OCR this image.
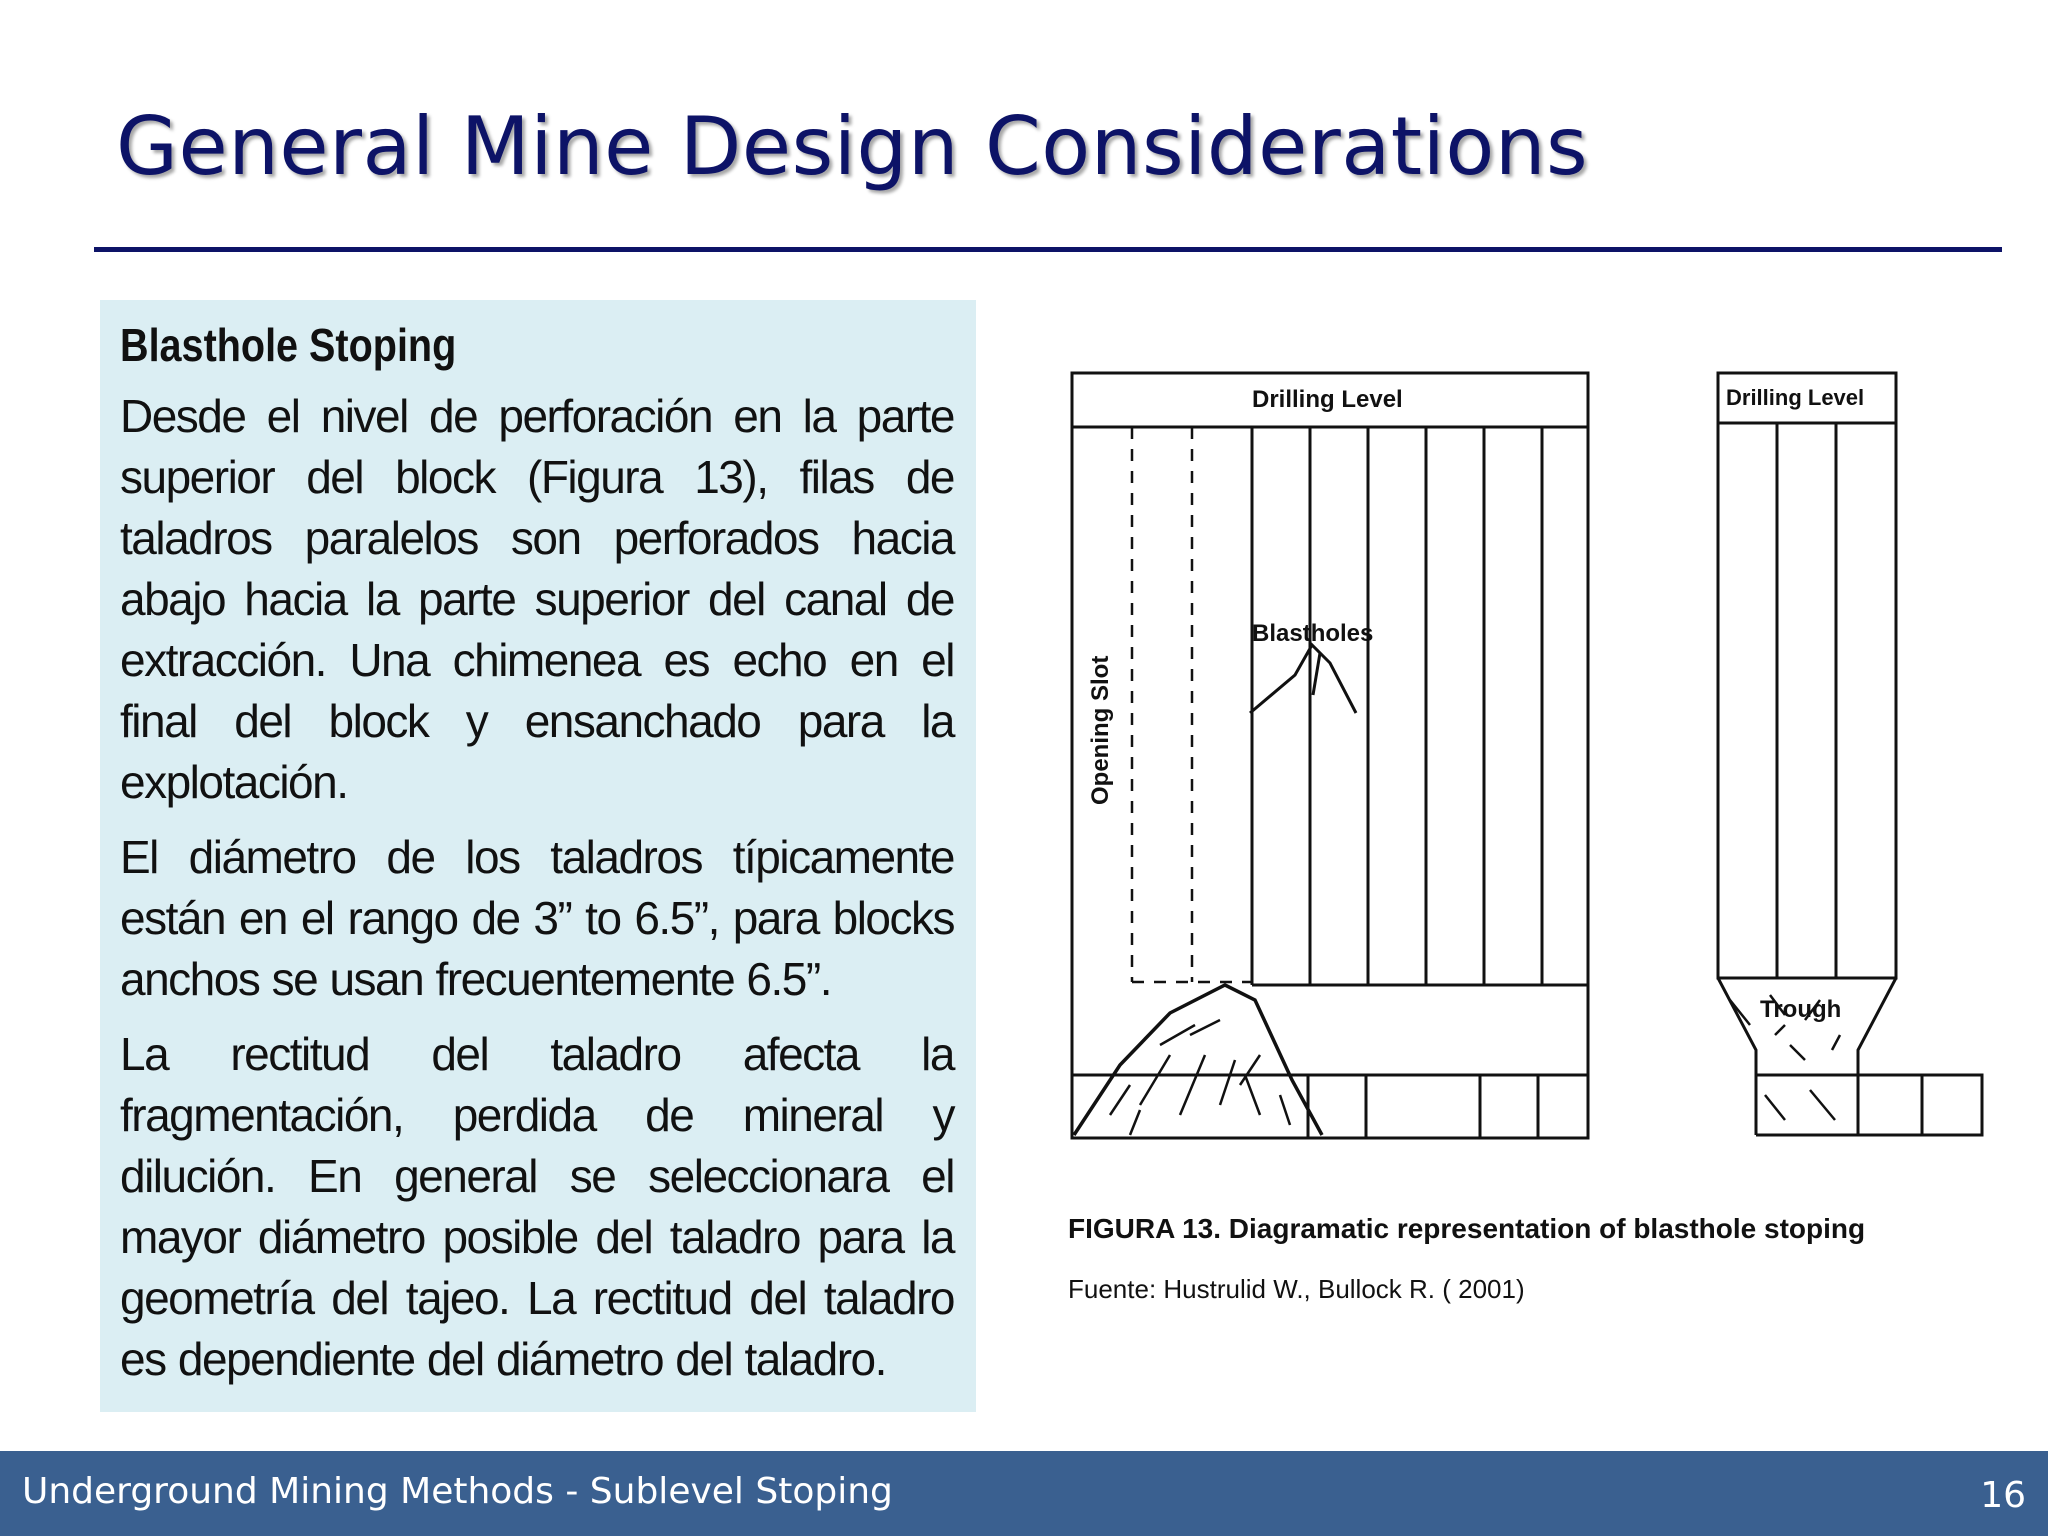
General Mine Design Considerations
Blasthole Stoping

Desde el nivel de perforación en la parte superior del block (Figura 13), filas de taladros paralelos son perforados hacia abajo hacia la parte superior del canal de extracción. Una chimenea es echo en el final del block y ensanchado para la explotación.

El diámetro de los taladros típicamente están en el rango de 3” to 6.5”, para blocks anchos se usan frecuentemente 6.5”.

La rectitud del taladro afecta la fragmentación, perdida de mineral y dilución. En general se seleccionara el mayor diámetro posible del taladro para la geometría del tajeo. La rectitud del taladro es dependiente del diámetro del taladro.

Drilling Level	Drilling Level
Blastholes
Opening Slot
Trough
FIGURA 13. Diagramatic representation of blasthole stoping
Fuente: Hustrulid W., Bullock R. ( 2001)
Underground Mining Methods - Sublevel Stoping	16
